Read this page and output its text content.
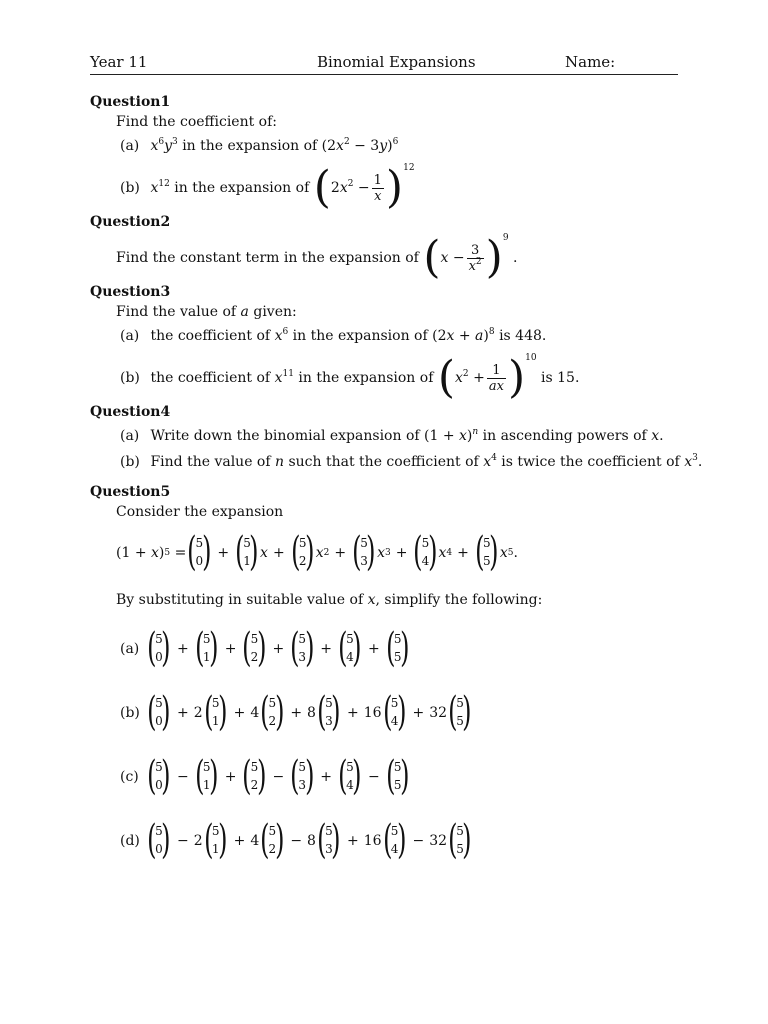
Year 11	Binomial Expansions	Name:
Question1
Find the coefficient of:
(a) $x^6y^3$ in the expansion of $(2x^2 - 3y)^6$
(b) $x^{12}$ in the expansion of $(2x^2 - \frac{1}{x} )^{12}$
Question2
Find the constant term in the expansion of $(x - \frac{3}{x^2} )^9$ .
Question3
Find the value of a given:
(a) the coefficient of $x^6$ in the expansion of $(2x + a)^8$ is 448.
(b) the coefficient of $x^{11}$ in the expansion of $(x^2 + \frac{1}{ax} )^{10}$ is 15.
Question4
(a) Write down the binomial expansion of $(1 + x)^n$ in ascending powers of x.
(b) Find the value of n such that the coefficient of $x^4$ is twice the coefficient of $x^3$.
Question5
Consider the expansion
(1 + x ) 5 = (
5
0
) + (
5
1
) x + (
5
2
) x 2 + (
5
3
) x 3 + (
5
4
) x 4 + (
5
5
) x 5 .
By substituting in suitable value of x, simplify the following:
(a) (
5
0
) + (
5
1
) + (
5
2
) + (
5
3
) + (
5
4
) + (
5
5
)
(b) (
5
0
) + 2 (
5
1
) + 4 (
5
2
) + 8 (
5
3
) + 16 (
5
4
) + 32 (
5
5
)
(c) (
5
0
) − (
5
1
) + (
5
2
) − (
5
3
) + (
5
4
) − (
5
5
)
(d) (
5
0
) − 2 (
5
1
) + 4 (
5
2
) − 8 (
5
3
) + 16 (
5
4
) − 32 (
5
5
)
